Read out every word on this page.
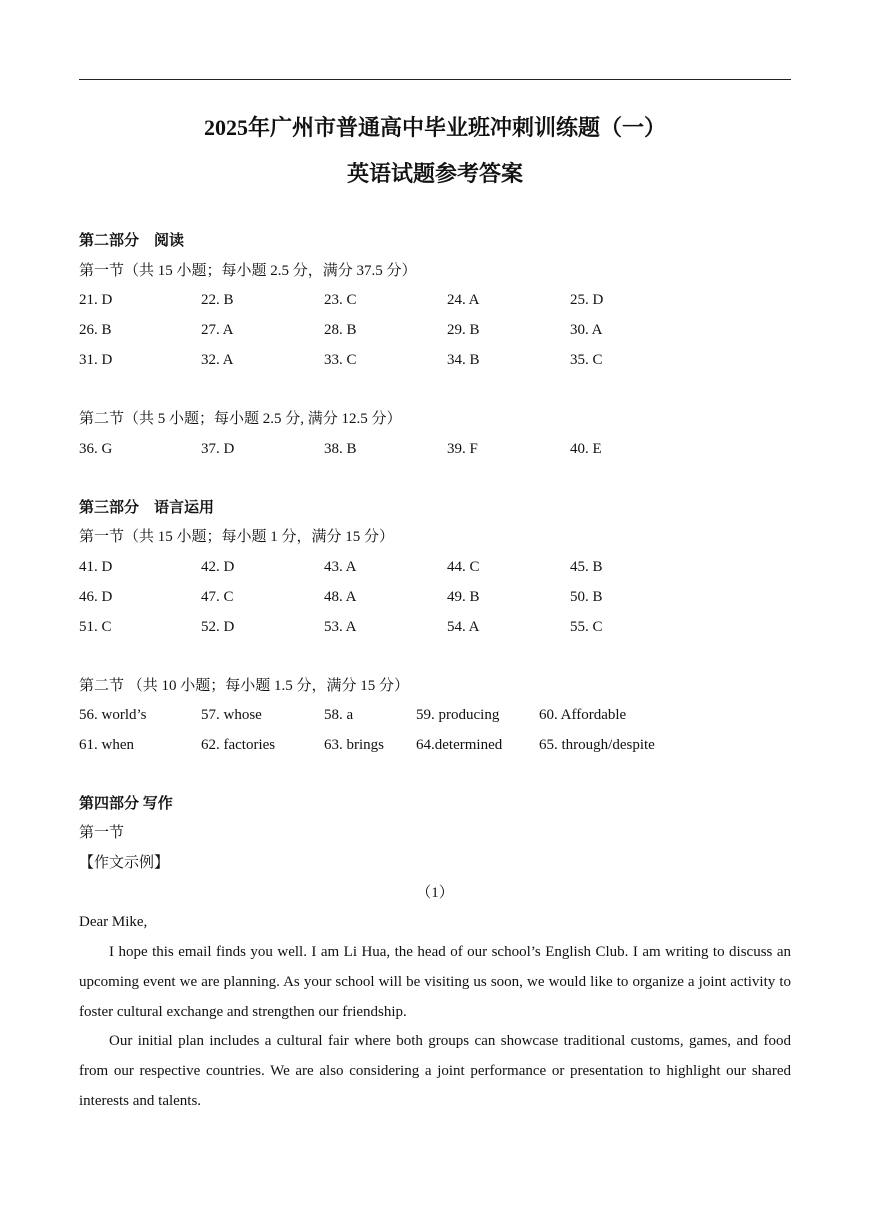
2025年广州市普通高中毕业班冲刺训练题（一）
英语试题参考答案
第二部分　阅读
第一节（共 15 小题；每小题 2.5 分，满分 37.5 分）
21. D	22. B	23. C	24. A	25. D
26. B	27. A	28. B	29. B	30. A
31. D	32. A	33. C	34. B	35. C
第二节（共 5 小题；每小题 2.5 分, 满分 12.5 分）
36. G	37. D	38. B	39. F	40. E
第三部分　语言运用
第一节（共 15 小题；每小题 1 分，满分 15 分）
41. D	42. D	43. A	44. C	45. B
46. D	47. C	48. A	49. B	50. B
51. C	52. D	53. A	54. A	55. C
第二节 （共 10 小题；每小题 1.5 分，满分 15 分）
56. world’s	57. whose	58. a	59. producing	60. Affordable
61. when	62. factories	63. brings 64.determined 65. through/despite
第四部分 写作
第一节
【作文示例】
（1）
Dear Mike,
I hope this email finds you well. I am Li Hua, the head of our school’s English Club. I am writing to discuss an upcoming event we are planning. As your school will be visiting us soon, we would like to organize a joint activity to foster cultural exchange and strengthen our friendship.
Our initial plan includes a cultural fair where both groups can showcase traditional customs, games, and food from our respective countries. We are also considering a joint performance or presentation to highlight our shared interests and talents.
